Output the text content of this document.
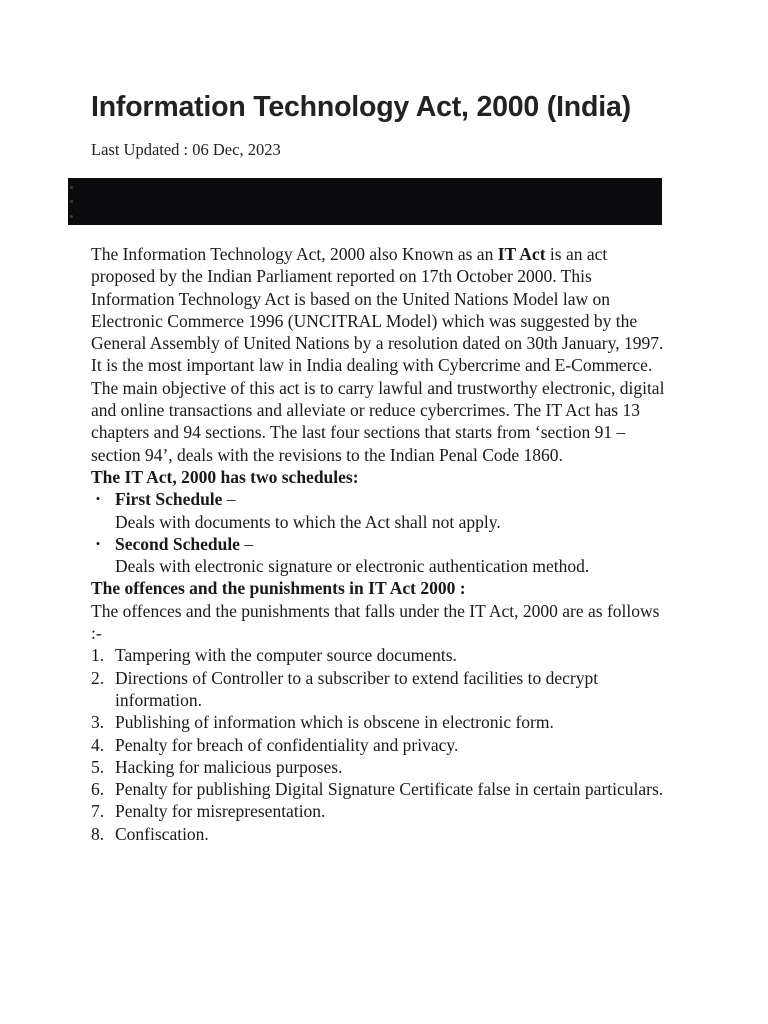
Information Technology Act, 2000 (India)
Last Updated : 06 Dec, 2023

The Information Technology Act, 2000 also Known as an IT Act is an act proposed by the Indian Parliament reported on 17th October 2000. This Information Technology Act is based on the United Nations Model law on Electronic Commerce 1996 (UNCITRAL Model) which was suggested by the General Assembly of United Nations by a resolution dated on 30th January, 1997. It is the most important law in India dealing with Cybercrime and E-Commerce.

The main objective of this act is to carry lawful and trustworthy electronic, digital and online transactions and alleviate or reduce cybercrimes. The IT Act has 13 chapters and 94 sections. The last four sections that starts from ‘section 91 – section 94’, deals with the revisions to the Indian Penal Code 1860.

The IT Act, 2000 has two schedules:

• First Schedule –
Deals with documents to which the Act shall not apply.
• Second Schedule –
Deals with electronic signature or electronic authentication method.

The offences and the punishments in IT Act 2000 :

The offences and the punishments that falls under the IT Act, 2000 are as follows :-

1. Tampering with the computer source documents.
2. Directions of Controller to a subscriber to extend facilities to decrypt information.
3. Publishing of information which is obscene in electronic form.
4. Penalty for breach of confidentiality and privacy.
5. Hacking for malicious purposes.
6. Penalty for publishing Digital Signature Certificate false in certain particulars.
7. Penalty for misrepresentation.
8. Confiscation.
